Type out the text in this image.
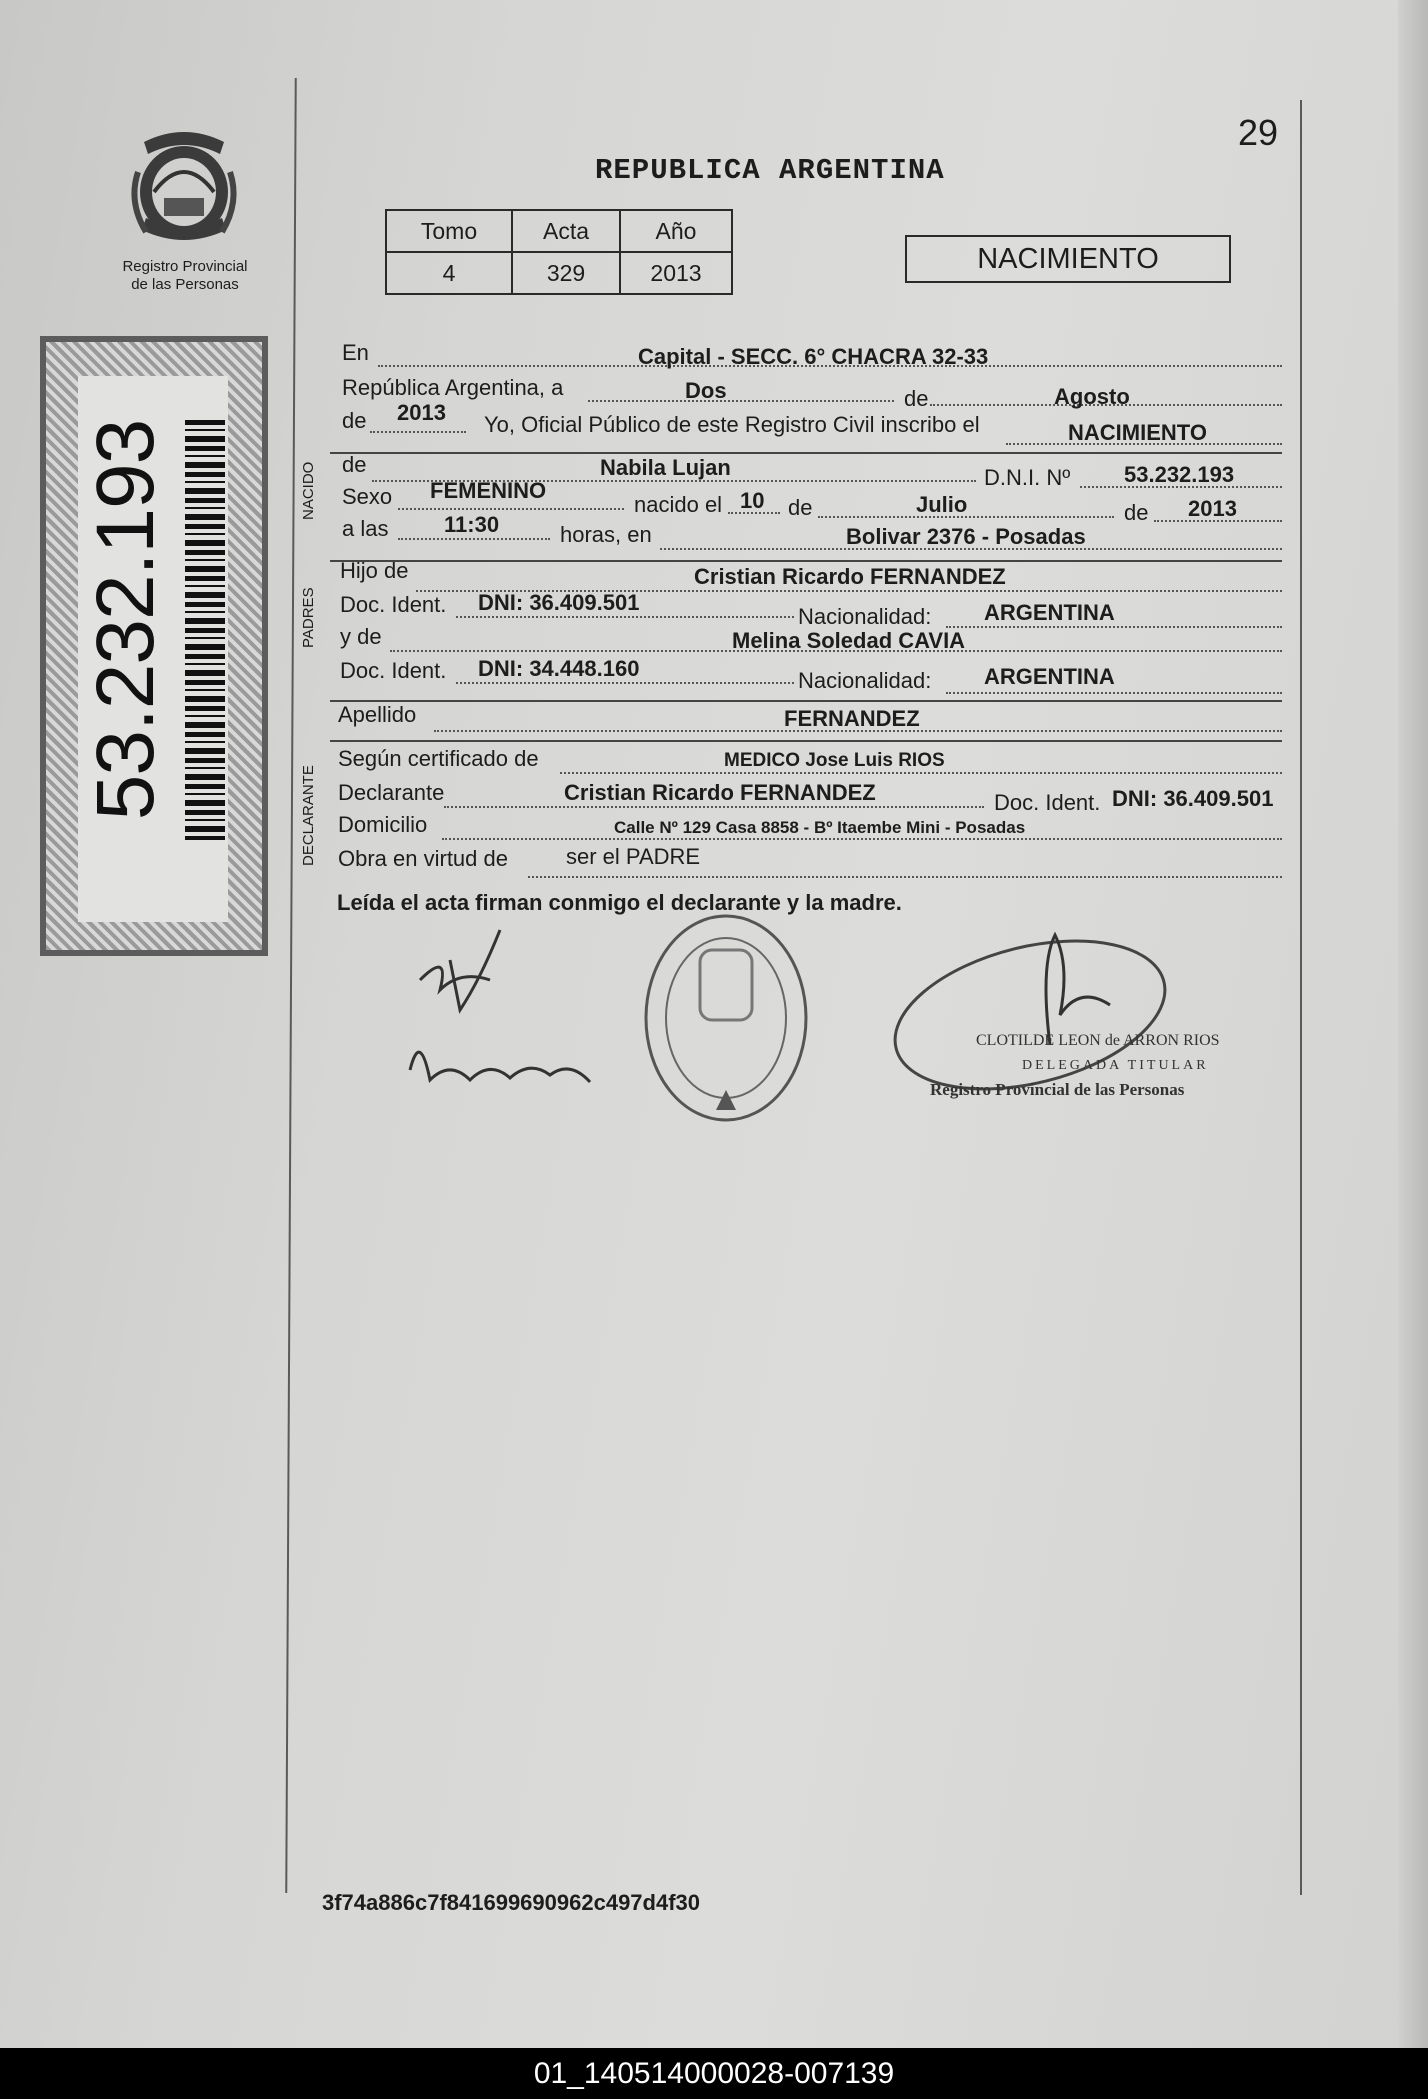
29
REPUBLICA ARGENTINA
Tomo	Acta	Año
4	329	2013	NACIMIENTO
Registro Provincial
de las Personas
53.232.193	NACIDO
PADRES
DECLARANTE
En	Capital - SECC. 6° CHACRA 32-33
República Argentina, a	Dos	de	Agosto
de 2013 Yo, Oficial Público de este Registro Civil inscribo el	NACIMIENTO
de	Nabila Lujan	D.N.I. Nº 53.232.193
Sexo FEMENINO
nacido el 10 de	Julio	de 2013
a las	11:30	horas, en	Bolivar 2376 - Posadas
Hijo de	Cristian Ricardo FERNANDEZ
Doc. Ident. DNI: 36.409.501
Nacionalidad: ARGENTINA
y de	Melina Soledad CAVIA
Doc. Ident. DNI: 34.448.160	Nacionalidad: ARGENTINA
Apellido	FERNANDEZ
Según certificado de	MEDICO Jose Luis RIOS
Declarante	Cristian Ricardo FERNANDEZ	Doc. Ident. DNI: 36.409.501
Domicilio	Calle Nº 129 Casa 8858 - Bº Itaembe Mini - Posadas
Obra en virtud de	ser el PADRE
Leída el acta firman conmigo el declarante y la madre.
CLOTILDE LEON de ARRON RIOS
DELEGADA TITULAR
Registro Provincial de las Personas
3f74a886c7f841699690962c497d4f30
01_140514000028-007139
